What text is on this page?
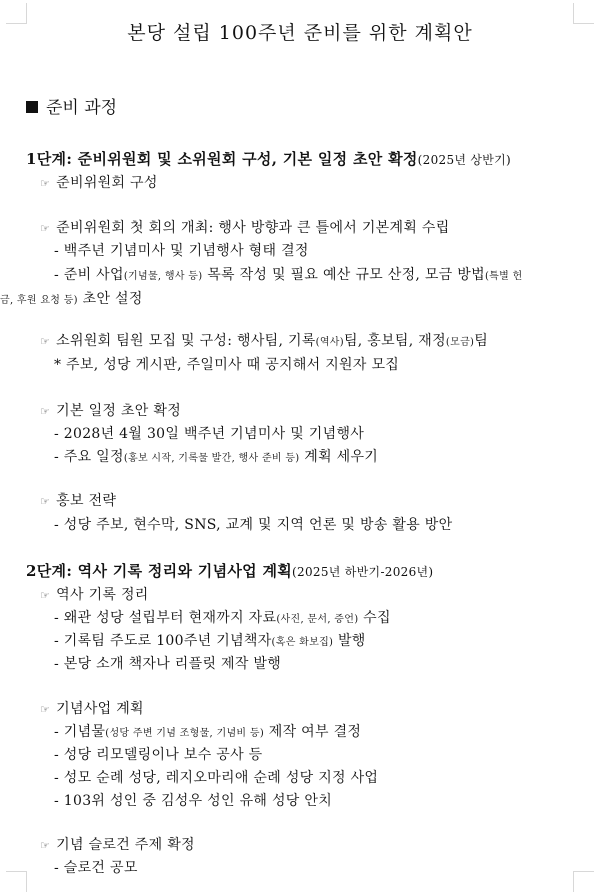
본당 설립 100주년 준비를 위한 계획안
준비 과정
1단계: 준비위원회 및 소위원회 구성, 기본 일정 초안 확정(2025년 상반기)
☞ 준비위원회 구성
☞ 준비위원회 첫 회의 개최: 행사 방향과 큰 틀에서 기본계획 수립
- 백주년 기념미사 및 기념행사 형태 결정
- 준비 사업(기념물, 행사 등) 목록 작성 및 필요 예산 규모 산정, 모금 방법(특별 헌
금, 후원 요청 등) 초안 설정
☞ 소위원회 팀원 모집 및 구성: 행사팀, 기록(역사)팀, 홍보팀, 재정(모금)팀
* 주보, 성당 게시판, 주일미사 때 공지해서 지원자 모집
☞ 기본 일정 초안 확정
- 2028년 4월 30일 백주년 기념미사 및 기념행사
- 주요 일정(홍보 시작, 기록물 발간, 행사 준비 등) 계획 세우기
☞ 홍보 전략
- 성당 주보, 현수막, SNS, 교계 및 지역 언론 및 방송 활용 방안
2단계: 역사 기록 정리와 기념사업 계획(2025년 하반기-2026년)
☞ 역사 기록 정리
- 왜관 성당 설립부터 현재까지 자료(사진, 문서, 증언) 수집
- 기록팀 주도로 100주년 기념책자(혹은 화보집) 발행
- 본당 소개 책자나 리플릿 제작 발행
☞ 기념사업 계획
- 기념물(성당 주변 기념 조형물, 기념비 등) 제작 여부 결정
- 성당 리모델링이나 보수 공사 등
- 성모 순례 성당, 레지오마리애 순례 성당 지정 사업
- 103위 성인 중 김성우 성인 유해 성당 안치
☞ 기념 슬로건 주제 확정
- 슬로건 공모
